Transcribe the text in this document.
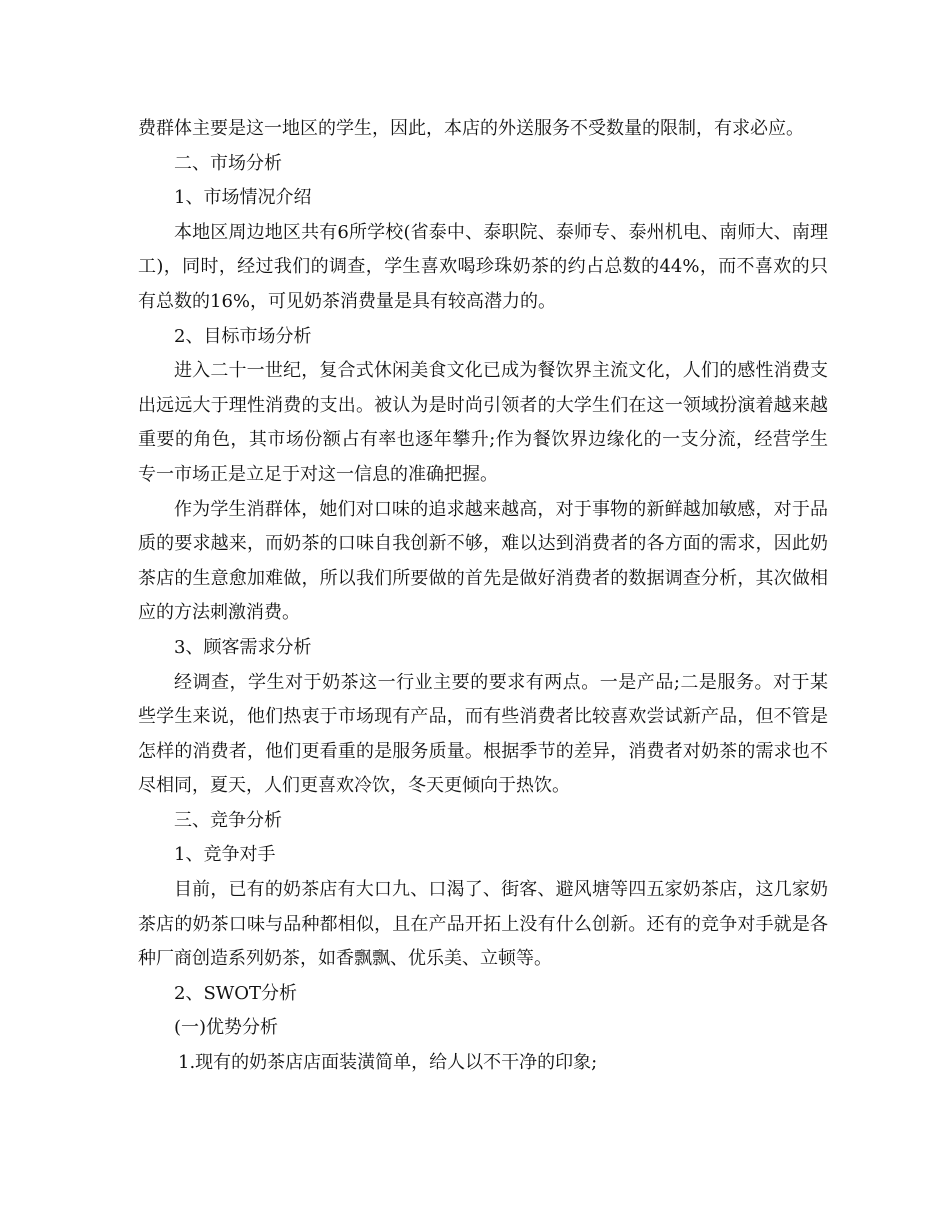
费群体主要是这一地区的学生，因此，本店的外送服务不受数量的限制，有求必应。

二、市场分析

1、市场情况介绍

本地区周边地区共有6所学校(省泰中、泰职院、泰师专、泰州机电、南师大、南理工)，同时，经过我们的调查，学生喜欢喝珍珠奶茶的约占总数的44%，而不喜欢的只有总数的16%，可见奶茶消费量是具有较高潜力的。

2、目标市场分析

进入二十一世纪，复合式休闲美食文化已成为餐饮界主流文化，人们的感性消费支出远远大于理性消费的支出。被认为是时尚引领者的大学生们在这一领域扮演着越来越重要的角色，其市场份额占有率也逐年攀升;作为餐饮界边缘化的一支分流，经营学生专一市场正是立足于对这一信息的准确把握。

作为学生消群体，她们对口味的追求越来越高，对于事物的新鲜越加敏感，对于品质的要求越来，而奶茶的口味自我创新不够，难以达到消费者的各方面的需求，因此奶茶店的生意愈加难做，所以我们所要做的首先是做好消费者的数据调查分析，其次做相应的方法刺激消费。

3、顾客需求分析

经调查，学生对于奶茶这一行业主要的要求有两点。一是产品;二是服务。对于某些学生来说，他们热衷于市场现有产品，而有些消费者比较喜欢尝试新产品，但不管是怎样的消费者，他们更看重的是服务质量。根据季节的差异，消费者对奶茶的需求也不尽相同，夏天，人们更喜欢冷饮，冬天更倾向于热饮。

三、竞争分析

1、竞争对手

目前，已有的奶茶店有大口九、口渴了、街客、避风塘等四五家奶茶店，这几家奶茶店的奶茶口味与品种都相似，且在产品开拓上没有什么创新。还有的竞争对手就是各种厂商创造系列奶茶，如香飘飘、优乐美、立顿等。

2、SWOT分析

(一)优势分析

1.现有的奶茶店店面装潢简单，给人以不干净的印象;
